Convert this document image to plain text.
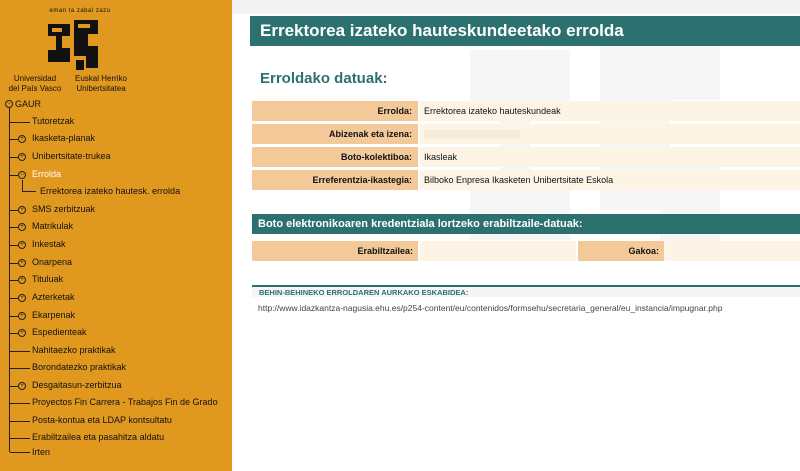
eman ta zabal zazu
Universidad
del País Vasco
Euskal Herriko
Unibertsitatea
− GAUR
Tutoretzak
+ Ikasketa-planak
+ Unibertsitate-trukea
− Errolda
Errektorea izateko hautesk. errolda
+ SMS zerbitzuak
+ Matrikulak
+ Inkestak
+ Onarpena
+ Tituluak
+ Azterketak
+ Ekarpenak
+ Espedienteak
Nahitaezko praktikak
Borondatezko praktikak
+ Desgaitasun-zerbitzua
Proyectos Fin Carrera - Trabajos Fin de Grado
Posta-kontua eta LDAP kontsultatu
Erabiltzailea eta pasahitza aldatu
Irten
Errektorea izateko hauteskundeetako errolda
Erroldako datuak:
Errolda:	Errektorea izateko hauteskundeak
Abizenak eta izena:
Boto-kolektiboa:	Ikasleak
Erreferentzia-ikastegia:	Bilboko Enpresa Ikasketen Unibertsitate Eskola
Boto elektronikoaren kredentziala lortzeko erabiltzaile-datuak:
Erabiltzailea:	Gakoa:
BEHIN-BEHINEKO ERROLDAREN AURKAKO ESKABIDEA:
http://www.idazkantza-nagusia.ehu.es/p254-content/eu/contenidos/formsehu/secretaria_general/eu_instancia/impugnar.php
